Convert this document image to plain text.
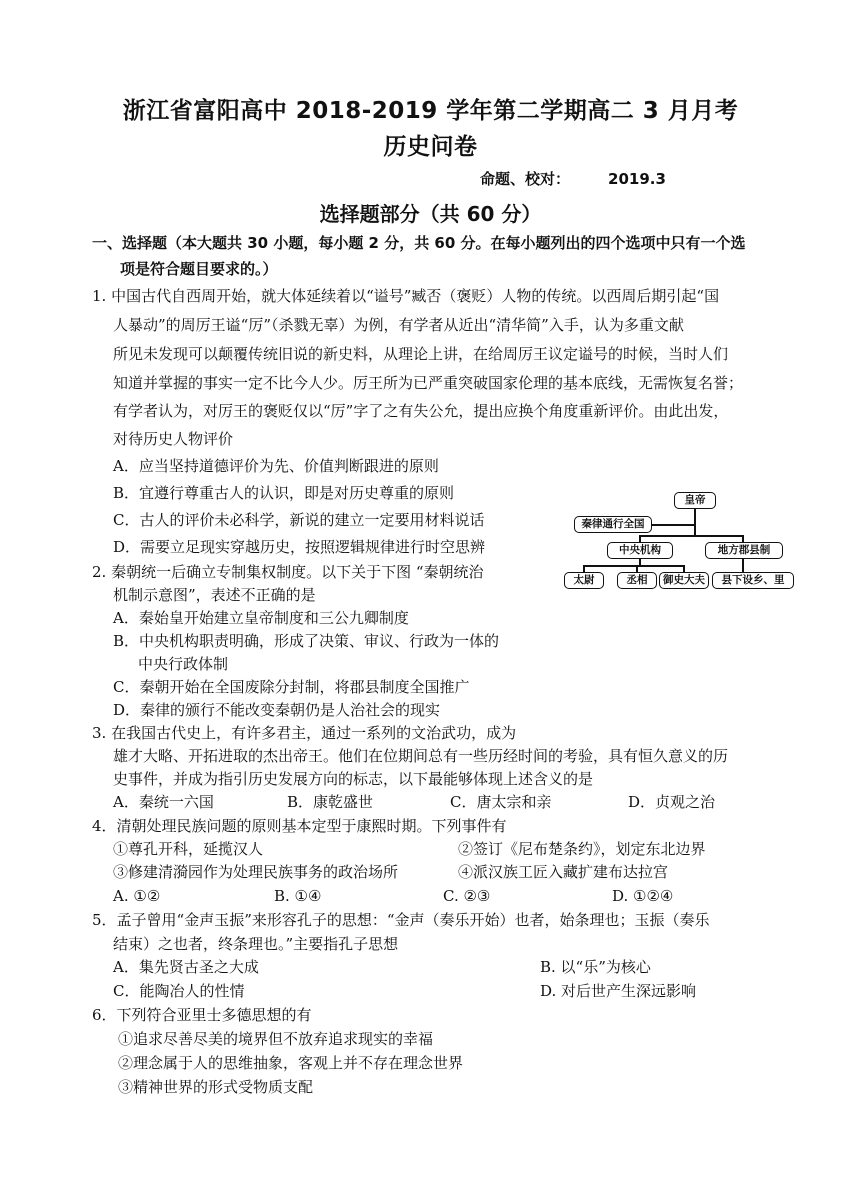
浙江省富阳高中 2018-2019 学年第二学期高二 3 月月考
历史问卷
命题、校对：	2019.3
选择题部分（共 60 分）
一、选择题（本大题共 30 小题，每小题 2 分，共 60 分。在每小题列出的四个选项中只有一个选
项是符合题目要求的。）
1. 中国古代自西周开始，就大体延续着以“谥号”臧否（褒贬）人物的传统。以西周后期引起“国
人暴动”的周厉王谥“厉”（杀戮无辜）为例，有学者从近出“清华简”入手，认为多重文献
所见未发现可以颠覆传统旧说的新史料，从理论上讲，在给周厉王议定谥号的时候，当时人们
知道并掌握的事实一定不比今人少。厉王所为已严重突破国家伦理的基本底线，无需恢复名誉；
有学者认为，对厉王的褒贬仅以“厉”字了之有失公允，提出应换个角度重新评价。由此出发，
对待历史人物评价
A．应当坚持道德评价为先、价值判断跟进的原则
B．宜遵行尊重古人的认识，即是对历史尊重的原则
C．古人的评价未必科学，新说的建立一定要用材料说话
D．需要立足现实穿越历史，按照逻辑规律进行时空思辨
皇帝
秦律通行全国
中央机构	地方郡县制
太尉	丞相	御史大夫	县下设乡、里
2. 秦朝统一后确立专制集权制度。以下关于下图 “秦朝统治
机制示意图”，表述不正确的是
A．秦始皇开始建立皇帝制度和三公九卿制度
B．中央机构职责明确，形成了决策、审议、行政为一体的
中央行政体制
C．秦朝开始在全国废除分封制，将郡县制度全国推广
D．秦律的颁行不能改变秦朝仍是人治社会的现实
3. 在我国古代史上，有许多君主，通过一系列的文治武功，成为
雄才大略、开拓进取的杰出帝王。他们在位期间总有一些历经时间的考验，具有恒久意义的历
史事件，并成为指引历史发展方向的标志，以下最能够体现上述含义的是
A．秦统一六国	B．康乾盛世	C．唐太宗和亲	D．贞观之治
4．清朝处理民族问题的原则基本定型于康熙时期。下列事件有
①尊孔开科，延揽汉人	②签订《尼布楚条约》，划定东北边界
③修建清漪园作为处理民族事务的政治场所	④派汉族工匠入藏扩建布达拉宫
A. ①②	B. ①④	C. ②③	D. ①②④
5．孟子曾用“金声玉振”来形容孔子的思想：“金声（奏乐开始）也者，始条理也；玉振（奏乐
结束）之也者，终条理也。”主要指孔子思想
A．集先贤古圣之大成	B. 以“乐”为核心
C．能陶冶人的性情	D. 对后世产生深远影响
6．下列符合亚里士多德思想的有
①追求尽善尽美的境界但不放弃追求现实的幸福
②理念属于人的思维抽象，客观上并不存在理念世界
③精神世界的形式受物质支配
